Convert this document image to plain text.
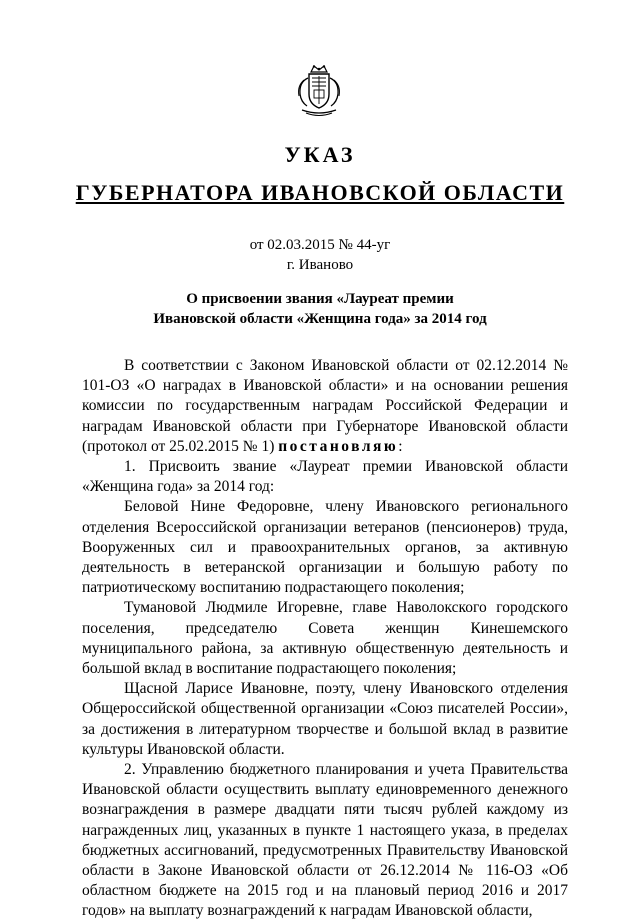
УКАЗ
ГУБЕРНАТОРА ИВАНОВСКОЙ ОБЛАСТИ
от 02.03.2015 № 44-уг
г. Иваново
О присвоении звания «Лауреат премии
Ивановской области «Женщина года» за 2014 год

В соответствии с Законом Ивановской области от 02.12.2014 № 101-ОЗ «О наградах в Ивановской области» и на основании решения комиссии по государственным наградам Российской Федерации и наградам Ивановской области при Губернаторе Ивановской области (протокол от 25.02.2015 № 1) постановляю:

1. Присвоить звание «Лауреат премии Ивановской области «Женщина года» за 2014 год:

Беловой Нине Федоровне, члену Ивановского регионального отделения Всероссийской организации ветеранов (пенсионеров) труда, Вооруженных сил и правоохранительных органов, за активную деятельность в ветеранской организации и большую работу по патриотическому воспитанию подрастающего поколения;

Тумановой Людмиле Игоревне, главе Наволокского городского поселения, председателю Совета женщин Кинешемского муниципального района, за активную общественную деятельность и большой вклад в воспитание подрастающего поколения;

Щасной Ларисе Ивановне, поэту, члену Ивановского отделения Общероссийской общественной организации «Союз писателей России», за достижения в литературном творчестве и большой вклад в развитие культуры Ивановской области.

2. Управлению бюджетного планирования и учета Правительства Ивановской области осуществить выплату единовременного денежного вознаграждения в размере двадцати пяти тысяч рублей каждому из награжденных лиц, указанных в пункте 1 настоящего указа, в пределах бюджетных ассигнований, предусмотренных Правительству Ивановской области в Законе Ивановской области от 26.12.2014 № 116-ОЗ «Об областном бюджете на 2015 год и на плановый период 2016 и 2017 годов» на выплату вознаграждений к наградам Ивановской области,
